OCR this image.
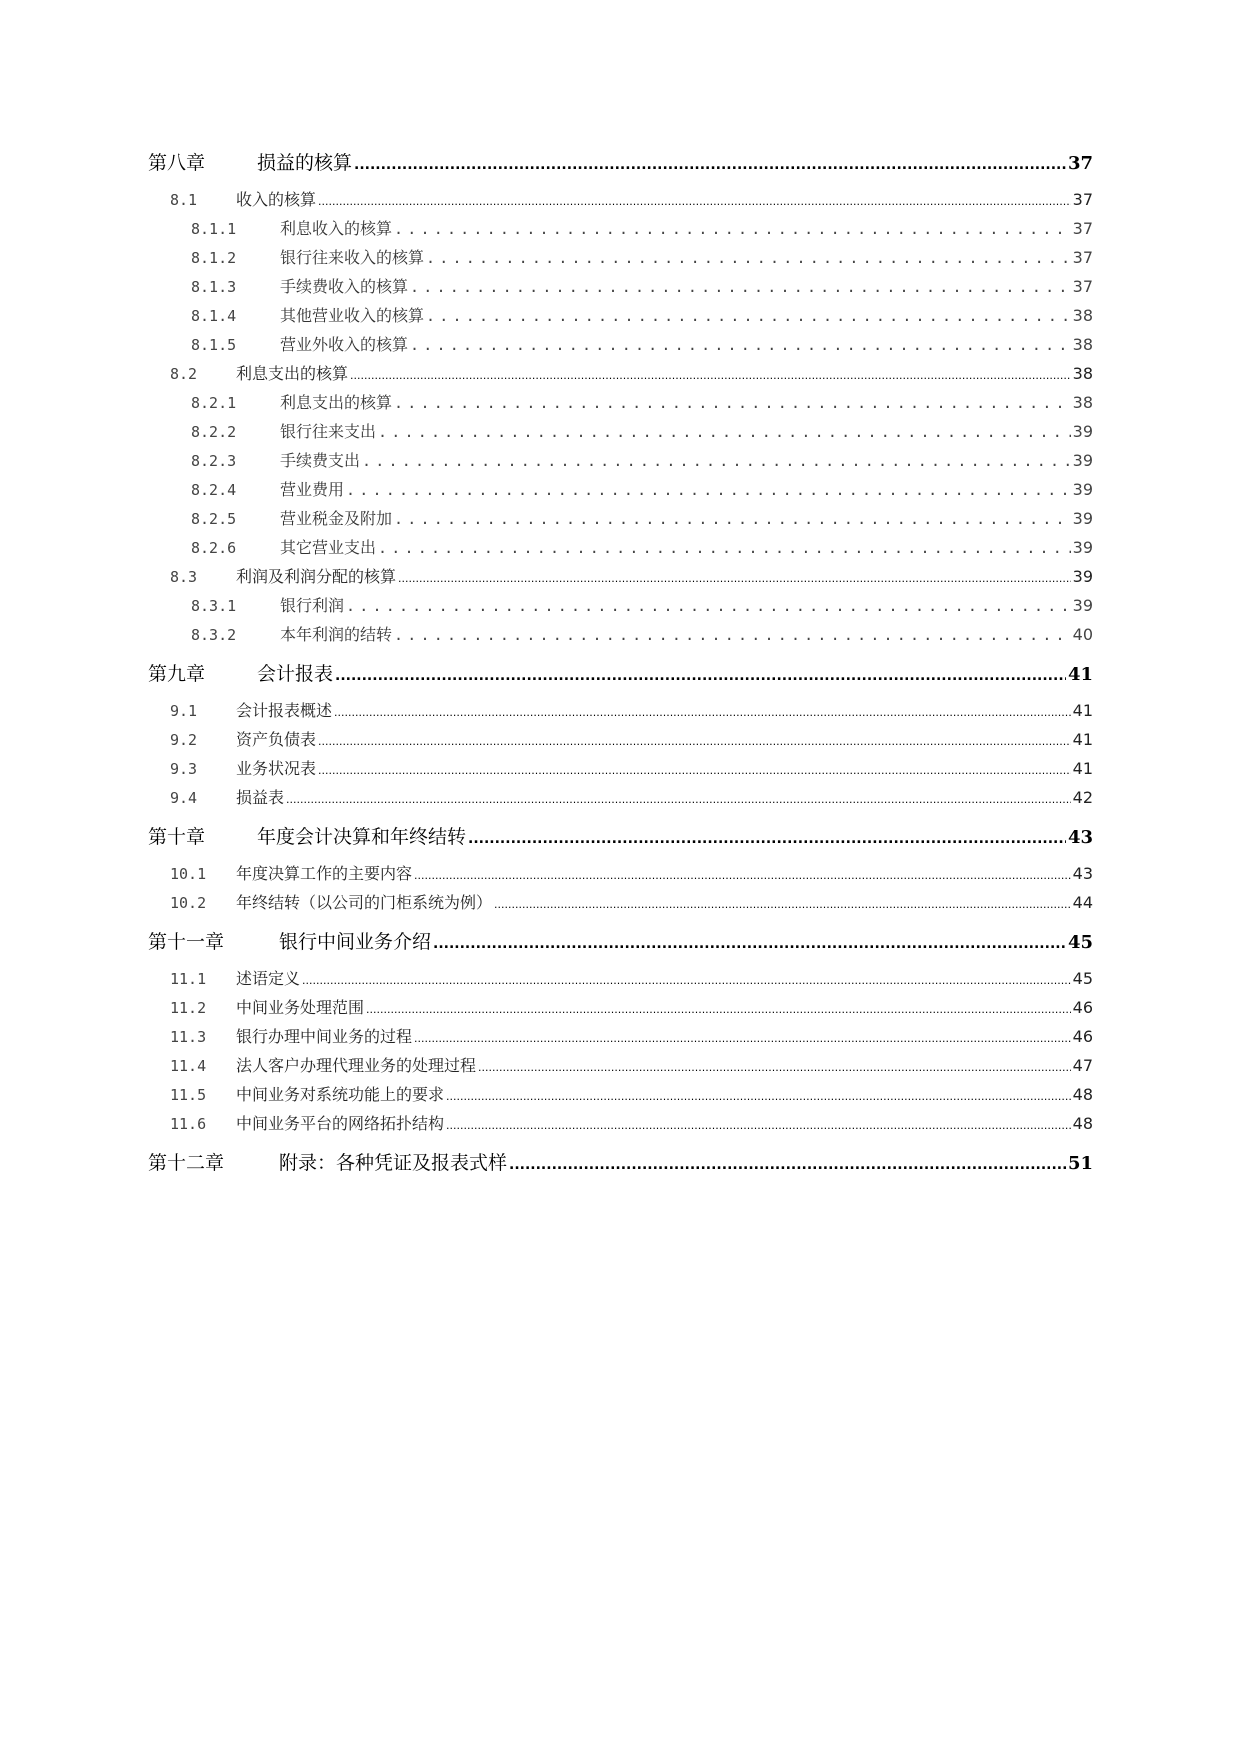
第八章	损益的核算 .....	37
8.1	收入的核算 .....	37
8.1.1	利息收入的核算 .....	37
8.1.2	银行往来收入的核算 .....	37
8.1.3	手续费收入的核算 .....	37
8.1.4	其他营业收入的核算 .....	38
8.1.5	营业外收入的核算 .....	38
8.2	利息支出的核算 .....	38
8.2.1	利息支出的核算 .....	38
8.2.2	银行往来支出 .....	39
8.2.3	手续费支出 .....	39
8.2.4	营业费用 .....	39
8.2.5	营业税金及附加 .....	39
8.2.6	其它营业支出 .....	39
8.3	利润及利润分配的核算 .....	39
8.3.1	银行利润 .....	39
8.3.2	本年利润的结转 .....	40
第九章	会计报表 .....	41
9.1	会计报表概述 .....	41
9.2	资产负债表 .....	41
9.3	业务状况表 .....	41
9.4	损益表 .....	42
第十章	年度会计决算和年终结转 .....	43
10.1	年度决算工作的主要内容 .....	43
10.2	年终结转（以公司的门柜系统为例） .....	44
第十一章	银行中间业务介绍 .....	45
11.1	述语定义 .....	45
11.2	中间业务处理范围 .....	46
11.3	银行办理中间业务的过程 .....	46
11.4	法人客户办理代理业务的处理过程 .....	47
11.5	中间业务对系统功能上的要求 .....	48
11.6	中间业务平台的网络拓扑结构 .....	48
第十二章	附录：各种凭证及报表式样 .....	51
